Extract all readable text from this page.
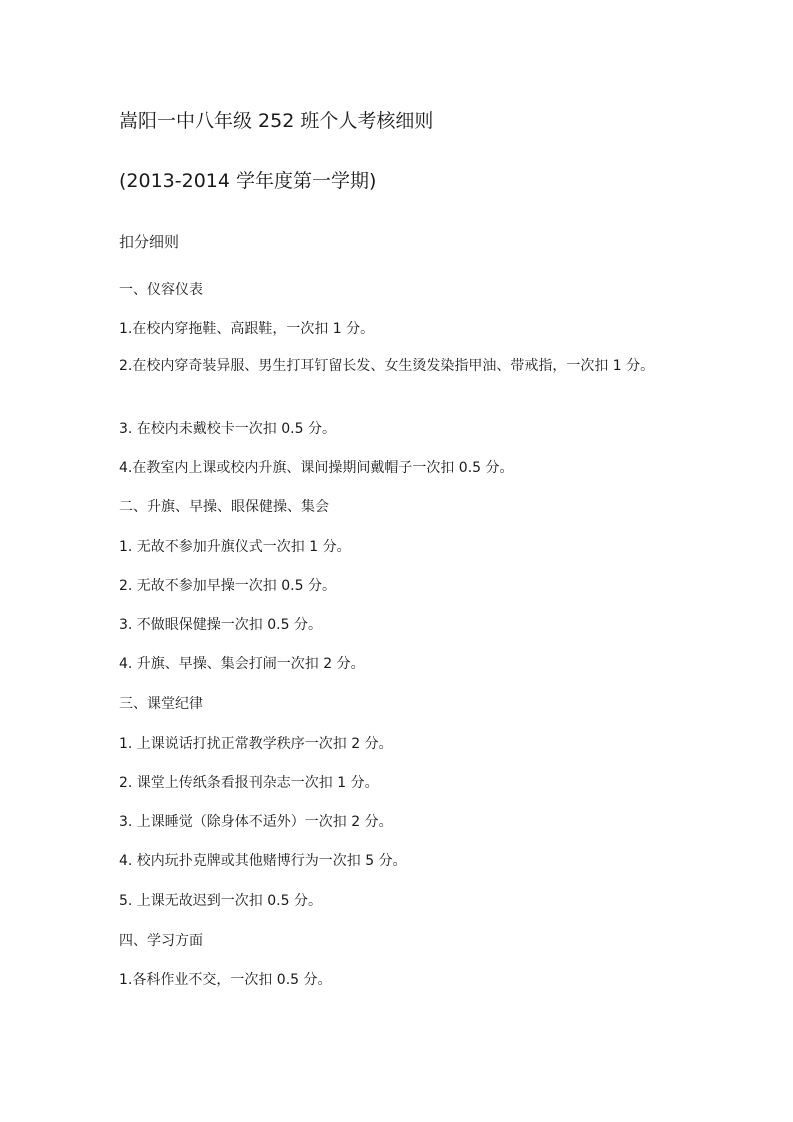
嵩阳一中八年级 252 班个人考核细则
(2013-2014 学年度第一学期)
扣分细则
一、仪容仪表
1.在校内穿拖鞋、高跟鞋，一次扣 1 分。
2.在校内穿奇装异服、男生打耳钉留长发、女生烫发染指甲油、带戒指，一次扣 1 分。
3. 在校内未戴校卡一次扣 0.5 分。
4.在教室内上课或校内升旗、课间操期间戴帽子一次扣 0.5 分。
二、升旗、早操、眼保健操、集会
1. 无故不参加升旗仪式一次扣 1 分。
2. 无故不参加早操一次扣 0.5 分。
3. 不做眼保健操一次扣 0.5 分。
4. 升旗、早操、集会打闹一次扣 2 分。
三、课堂纪律
1. 上课说话打扰正常教学秩序一次扣 2 分。
2. 课堂上传纸条看报刊杂志一次扣 1 分。
3. 上课睡觉（除身体不适外）一次扣 2 分。
4. 校内玩扑克牌或其他赌博行为一次扣 5 分。
5. 上课无故迟到一次扣 0.5 分。
四、学习方面
1.各科作业不交，一次扣 0.5 分。
